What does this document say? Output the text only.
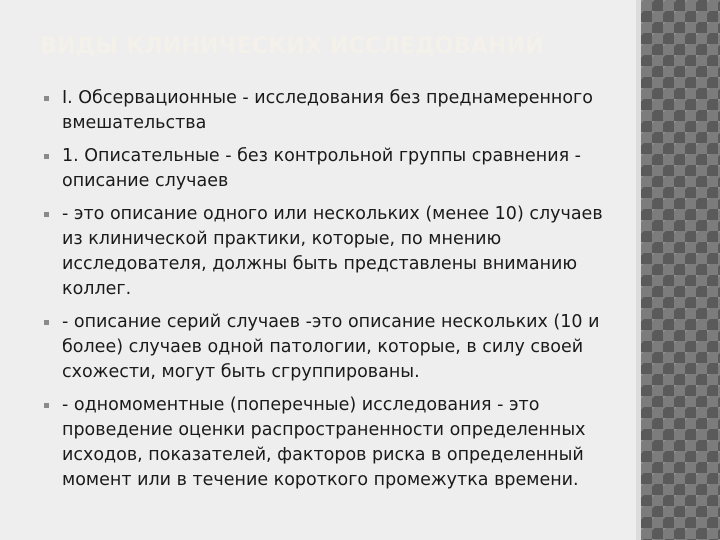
ВИДЫ КЛИНИЧЕСКИХ ИССЛЕДОВАНИЙ
I. Обсервационные - исследования без преднамеренного вмешательства
1. Описательные - без контрольной группы сравнения - описание случаев
- это описание одного или нескольких (менее 10) случаев из клинической практики, которые, по мнению исследователя, должны быть представлены вниманию коллег.
- описание серий случаев -это описание нескольких (10 и более) случаев одной патологии, которые, в силу своей схожести, могут быть сгруппированы.
- одномоментные (поперечные) исследования - это проведение оценки распространенности определенных исходов, показателей, факторов риска в определенный момент или в течение короткого промежутка времени.
